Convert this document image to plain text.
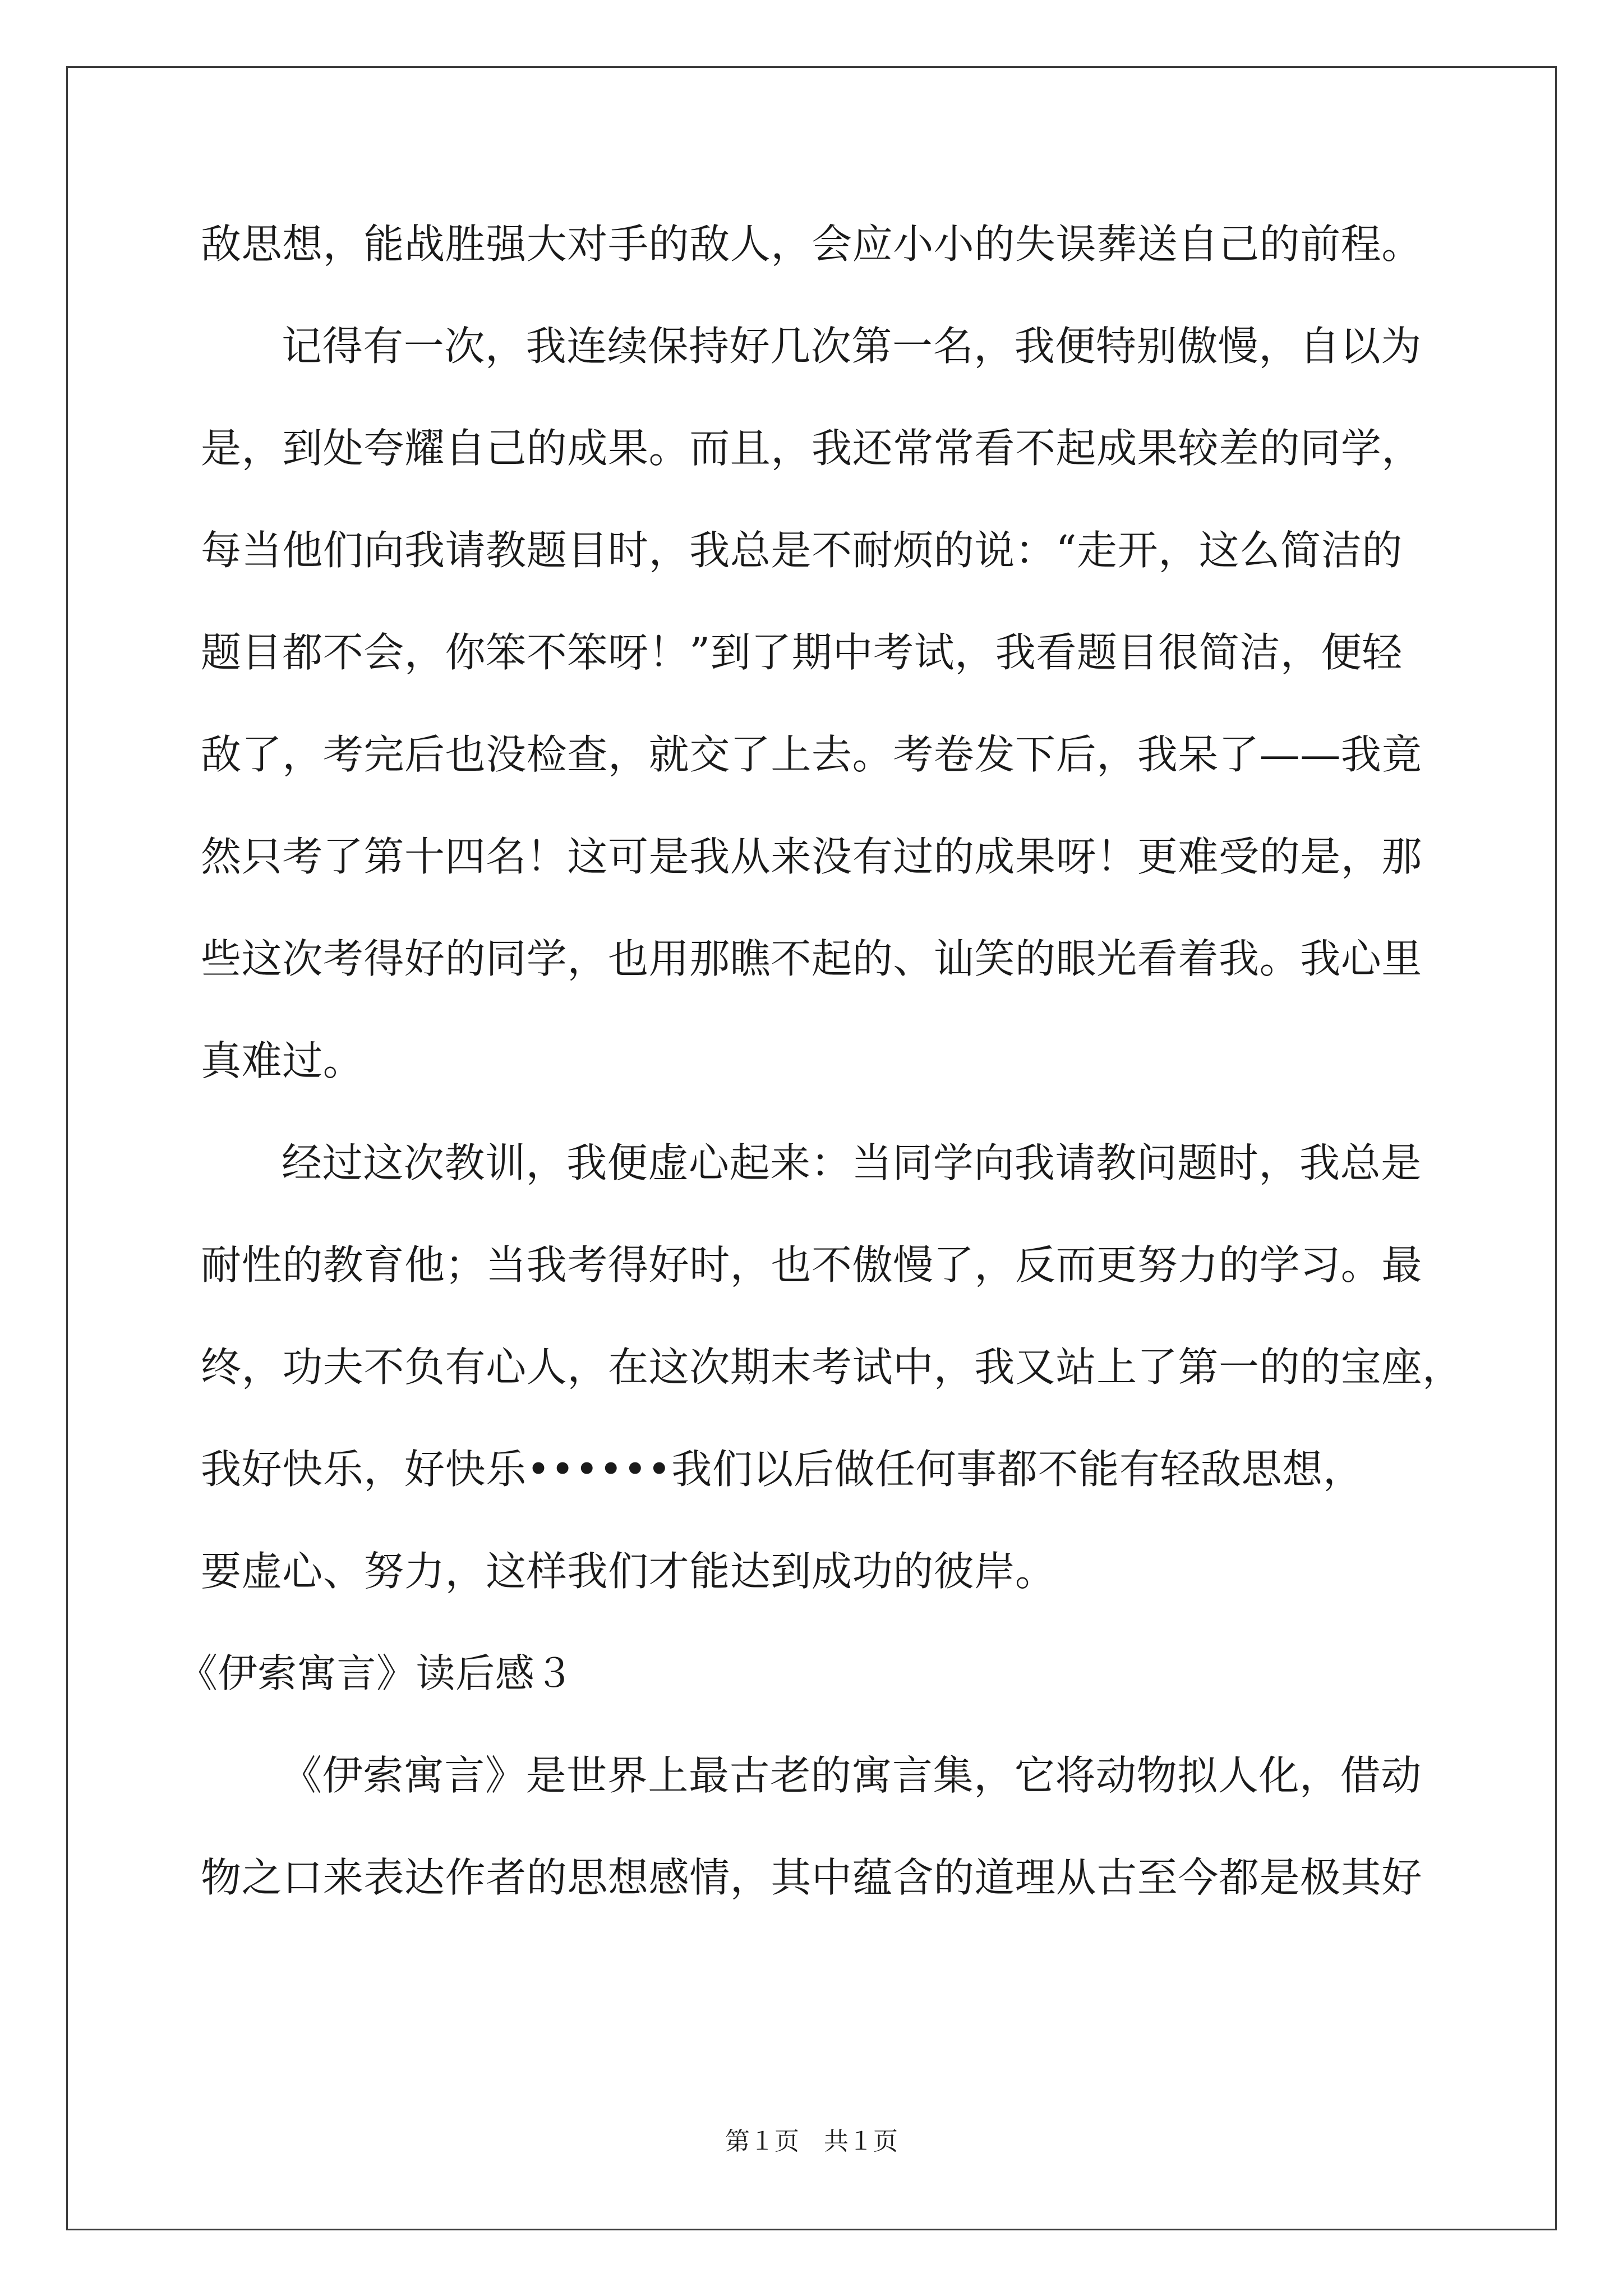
敌思想，能战胜强大对手的敌人，会应小小的失误葬送自己的前程。
记得有一次，我连续保持好几次第一名，我便特别傲慢，自以为
是，到处夸耀自己的成果。而且，我还常常看不起成果较差的同学，
每当他们向我请教题目时，我总是不耐烦的说：“走开，这么简洁的
题目都不会，你笨不笨呀！”到了期中考试，我看题目很简洁，便轻
敌了，考完后也没检查，就交了上去。考卷发下后，我呆了——我竟
然只考了第十四名！这可是我从来没有过的成果呀！更难受的是，那
些这次考得好的同学，也用那瞧不起的、讪笑的眼光看着我。我心里
真难过。
经过这次教训，我便虚心起来：当同学向我请教问题时，我总是
耐性的教育他；当我考得好时，也不傲慢了，反而更努力的学习。最
终，功夫不负有心人，在这次期末考试中，我又站上了第一的的宝座，
我好快乐，好快乐••••••我们以后做任何事都不能有轻敌思想，
要虚心、努力，这样我们才能达到成功的彼岸。
《伊索寓言》读后感３
《伊索寓言》是世界上最古老的寓言集，它将动物拟人化，借动
物之口来表达作者的思想感情，其中蕴含的道理从古至今都是极其好
第１页　共１页
